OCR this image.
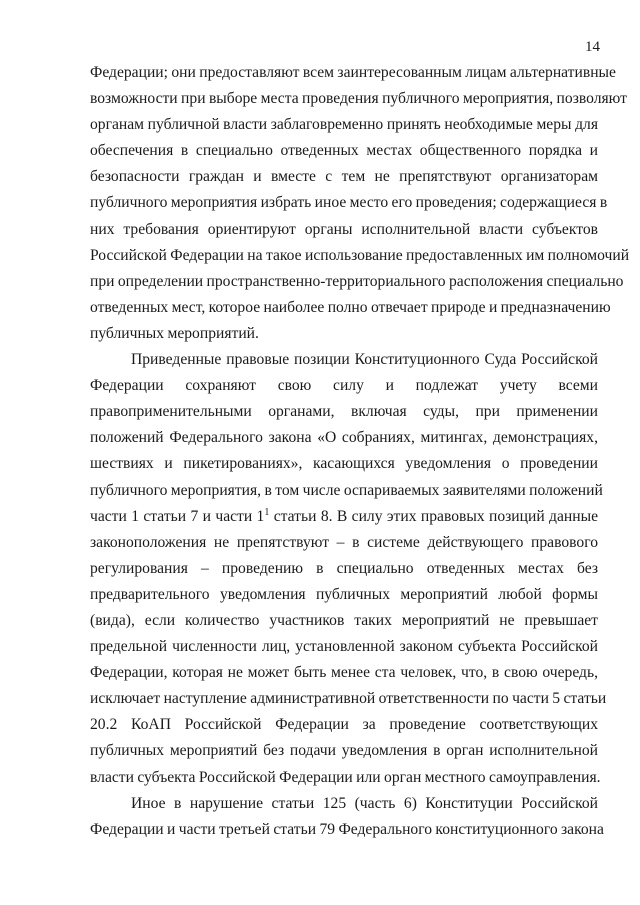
14
Федерации; они предоставляют всем заинтересованным лицам альтернативные
возможности при выборе места проведения публичного мероприятия, позволяют
органам публичной власти заблаговременно принять необходимые меры для
обеспечения в специально отведенных местах общественного порядка и
безопасности граждан и вместе с тем не препятствуют организаторам
публичного мероприятия избрать иное место его проведения; содержащиеся в
них требования ориентируют органы исполнительной власти субъектов
Российской Федерации на такое использование предоставленных им полномочий
при определении пространственно-территориального расположения специально
отведенных мест, которое наиболее полно отвечает природе и предназначению
публичных мероприятий.
Приведенные правовые позиции Конституционного Суда Российской
Федерации сохраняют свою силу и подлежат учету всеми
правоприменительными органами, включая суды, при применении
положений Федерального закона «О собраниях, митингах, демонстрациях,
шествиях и пикетированиях», касающихся уведомления о проведении
публичного мероприятия, в том числе оспариваемых заявителями положений
части 1 статьи 7 и части $1^1$ статьи 8. В силу этих правовых позиций данные
законоположения не препятствуют – в системе действующего правового
регулирования – проведению в специально отведенных местах без
предварительного уведомления публичных мероприятий любой формы
(вида), если количество участников таких мероприятий не превышает
предельной численности лиц, установленной законом субъекта Российской
Федерации, которая не может быть менее ста человек, что, в свою очередь,
исключает наступление административной ответственности по части 5 статьи
20.2 КоАП Российской Федерации за проведение соответствующих
публичных мероприятий без подачи уведомления в орган исполнительной
власти субъекта Российской Федерации или орган местного самоуправления.
Иное в нарушение статьи 125 (часть 6) Конституции Российской
Федерации и части третьей статьи 79 Федерального конституционного закона
